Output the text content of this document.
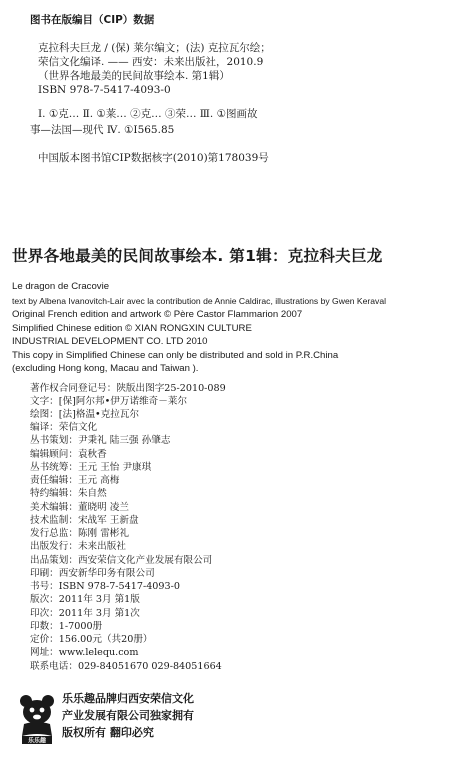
图书在版编目（CIP）数据
克拉科夫巨龙 / (保) 莱尔编文；(法) 克拉瓦尔绘；
荣信文化编译. —— 西安：未来出版社，2010.9
（世界各地最美的民间故事绘本. 第1辑）
ISBN 978-7-5417-4093-0
Ⅰ. ①克… Ⅱ. ①莱… ②克… ③荣… Ⅲ. ①图画故
事—法国—现代 Ⅳ. ①I565.85
中国版本图书馆CIP数据核字(2010)第178039号
世界各地最美的民间故事绘本. 第1辑：克拉科夫巨龙
Le dragon de Cracovie
text by Albena Ivanovitch-Lair avec la contribution de Annie Caldirac, illustrations by Gwen Keraval
Original French edition and artwork © Père Castor Flammarion 2007
Simplified Chinese edition © XIAN RONGXIN CULTURE
INDUSTRIAL DEVELOPMENT CO. LTD 2010
This copy in Simplified Chinese can only be distributed and sold in P.R.China
(excluding Hong kong, Macau and Taiwan ).
著作权合同登记号：陕版出图字25-2010-089
文字：[保]阿尔邦•伊万诺维奇－莱尔
绘图：[法]格温•克拉瓦尔
编译：荣信文化
丛书策划：尹秉礼 陆三强 孙肇志
编辑顾问：袁秋香
丛书统筹：王元 王怡 尹康琪
责任编辑：王元 高梅
特约编辑：朱自然
美术编辑：董晓明 凌兰
技术监制：宋战军 王新盘
发行总监：陈刚 雷彬礼
出版发行：未来出版社
出品策划：西安荣信文化产业发展有限公司
印刷：西安新华印务有限公司
书号：ISBN 978-7-5417-4093-0
版次：2011年 3月 第1版
印次：2011年 3月 第1次
印数：1-7000册
定价：156.00元（共20册）
网址：www.lelequ.com
联系电话：029-84051670 029-84051664
乐乐趣
乐乐趣品牌归西安荣信文化
产业发展有限公司独家拥有
版权所有 翻印必究
